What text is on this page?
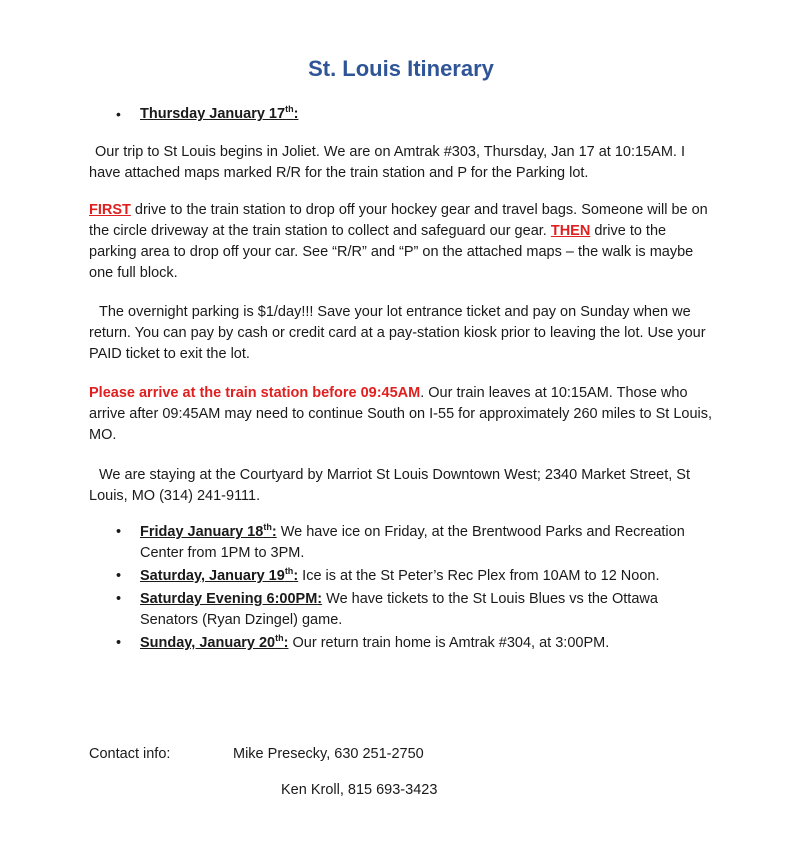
St. Louis Itinerary
• Thursday January 17th:

Our trip to St Louis begins in Joliet. We are on Amtrak #303, Thursday, Jan 17 at 10:15AM. I have attached maps marked R/R for the train station and P for the Parking lot.

FIRST drive to the train station to drop off your hockey gear and travel bags. Someone will be on the circle driveway at the train station to collect and safeguard our gear. THEN drive to the parking area to drop off your car. See “R/R” and “P” on the attached maps – the walk is maybe one full block.

The overnight parking is $1/day!!! Save your lot entrance ticket and pay on Sunday when we return. You can pay by cash or credit card at a pay-station kiosk prior to leaving the lot. Use your PAID ticket to exit the lot.

Please arrive at the train station before 09:45AM. Our train leaves at 10:15AM. Those who arrive after 09:45AM may need to continue South on I-55 for approximately 260 miles to St Louis, MO.

We are staying at the Courtyard by Marriot St Louis Downtown West; 2340 Market Street, St Louis, MO (314) 241-9111.

• Friday January 18th: We have ice on Friday, at the Brentwood Parks and Recreation Center from 1PM to 3PM.
• Saturday, January 19th: Ice is at the St Peter’s Rec Plex from 10AM to 12 Noon.
• Saturday Evening 6:00PM: We have tickets to the St Louis Blues vs the Ottawa Senators (Ryan Dzingel) game.
• Sunday, January 20th: Our return train home is Amtrak #304, at 3:00PM.
Contact info:	Mike Presecky, 630 251-2750
Ken Kroll, 815 693-3423
